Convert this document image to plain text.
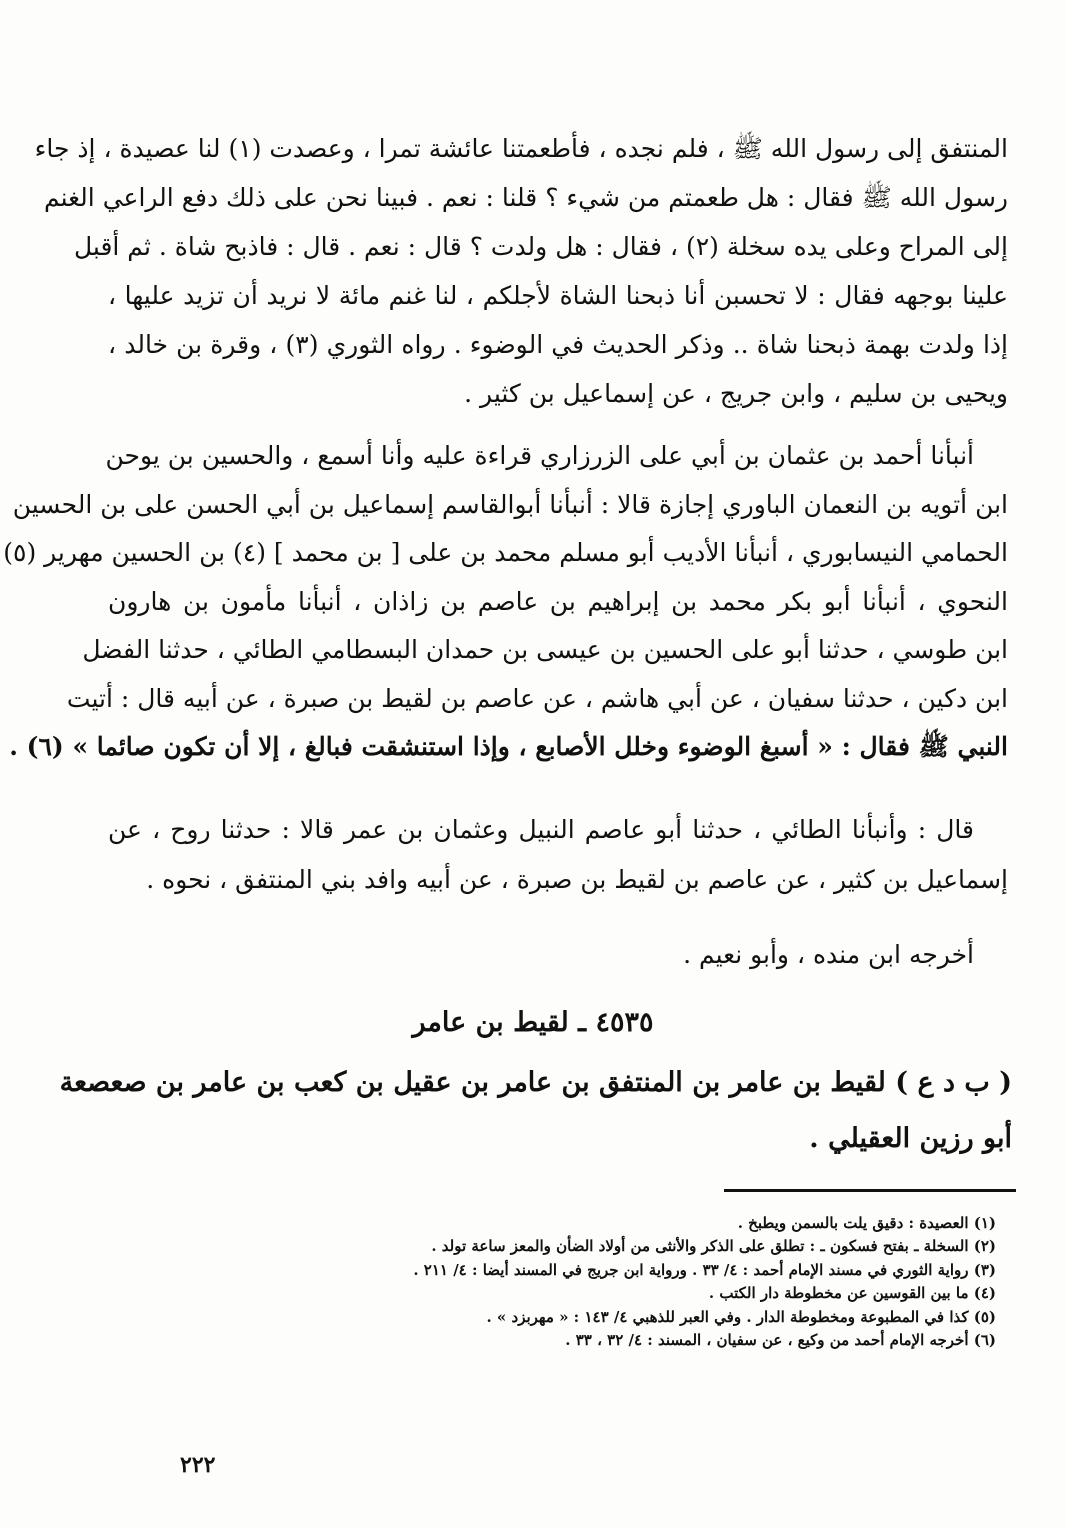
المنتفق إلى رسول الله ﷺ ، فلم نجده ، فأطعمتنا عائشة تمرا ، وعصدت (١) لنا عصيدة ، إذ جاء
رسول الله ﷺ فقال : هل طعمتم من شيء ؟ قلنا : نعم . فبينا نحن على ذلك دفع الراعي الغنم
إلى المراح وعلى يده سخلة (٢) ، فقال : هل ولدت ؟ قال : نعم . قال : فاذبح شاة . ثم أقبل
علينا بوجهه فقال : لا تحسبن أنا ذبحنا الشاة لأجلكم ، لنا غنم مائة لا نريد أن تزيد عليها ،
إذا ولدت بهمة ذبحنا شاة .. وذكر الحديث في الوضوء . رواه الثوري (٣) ، وقرة بن خالد ،
ويحيى بن سليم ، وابن جريج ، عن إسماعيل بن كثير .
أنبأنا أحمد بن عثمان بن أبي على الزرزاري قراءة عليه وأنا أسمع ، والحسين بن يوحن
ابن أتويه بن النعمان الباوري إجازة قالا : أنبأنا أبوالقاسم إسماعيل بن أبي الحسن على بن الحسين
الحمامي النيسابوري ، أنبأنا الأديب أبو مسلم محمد بن على [ بن محمد ] (٤) بن الحسين مهرير (٥)
النحوي ، أنبأنا أبو بكر محمد بن إبراهيم بن عاصم بن زاذان ، أنبأنا مأمون بن هارون
ابن طوسي ، حدثنا أبو على الحسين بن عيسى بن حمدان البسطامي الطائي ، حدثنا الفضل
ابن دكين ، حدثنا سفيان ، عن أبي هاشم ، عن عاصم بن لقيط بن صبرة ، عن أبيه قال : أتيت
النبي ﷺ فقال : « أسبغ الوضوء وخلل الأصابع ، وإذا استنشقت فبالغ ، إلا أن تكون صائما » (٦) .
قال : وأنبأنا الطائي ، حدثنا أبو عاصم النبيل وعثمان بن عمر قالا : حدثنا روح ، عن
إسماعيل بن كثير ، عن عاصم بن لقيط بن صبرة ، عن أبيه وافد بني المنتفق ، نحوه .
أخرجه ابن منده ، وأبو نعيم .
٤٥٣٥ ـ لقيط بن عامر
( ب د ع ) لقيط بن عامر بن المنتفق بن عامر بن عقيل بن كعب بن عامر بن صعصعة
أبو رزين العقيلي .
(١) العصيدة : دقيق يلت بالسمن ويطبخ .
(٢) السخلة ـ بفتح فسكون ـ : تطلق على الذكر والأنثى من أولاد الضأن والمعز ساعة تولد .
(٣) رواية الثوري في مسند الإمام أحمد : ٤/ ٣٣ . ورواية ابن جريج في المسند أيضا : ٤/ ٢١١ .
(٤) ما بين القوسين عن مخطوطة دار الكتب .
(٥) كذا في المطبوعة ومخطوطة الدار . وفي العبر للذهبي ٤/ ١٤٣ : « مهربزد » .
(٦) أخرجه الإمام أحمد من وكيع ، عن سفيان ، المسند : ٤/ ٣٢ ، ٣٣ .
٢٢٢
